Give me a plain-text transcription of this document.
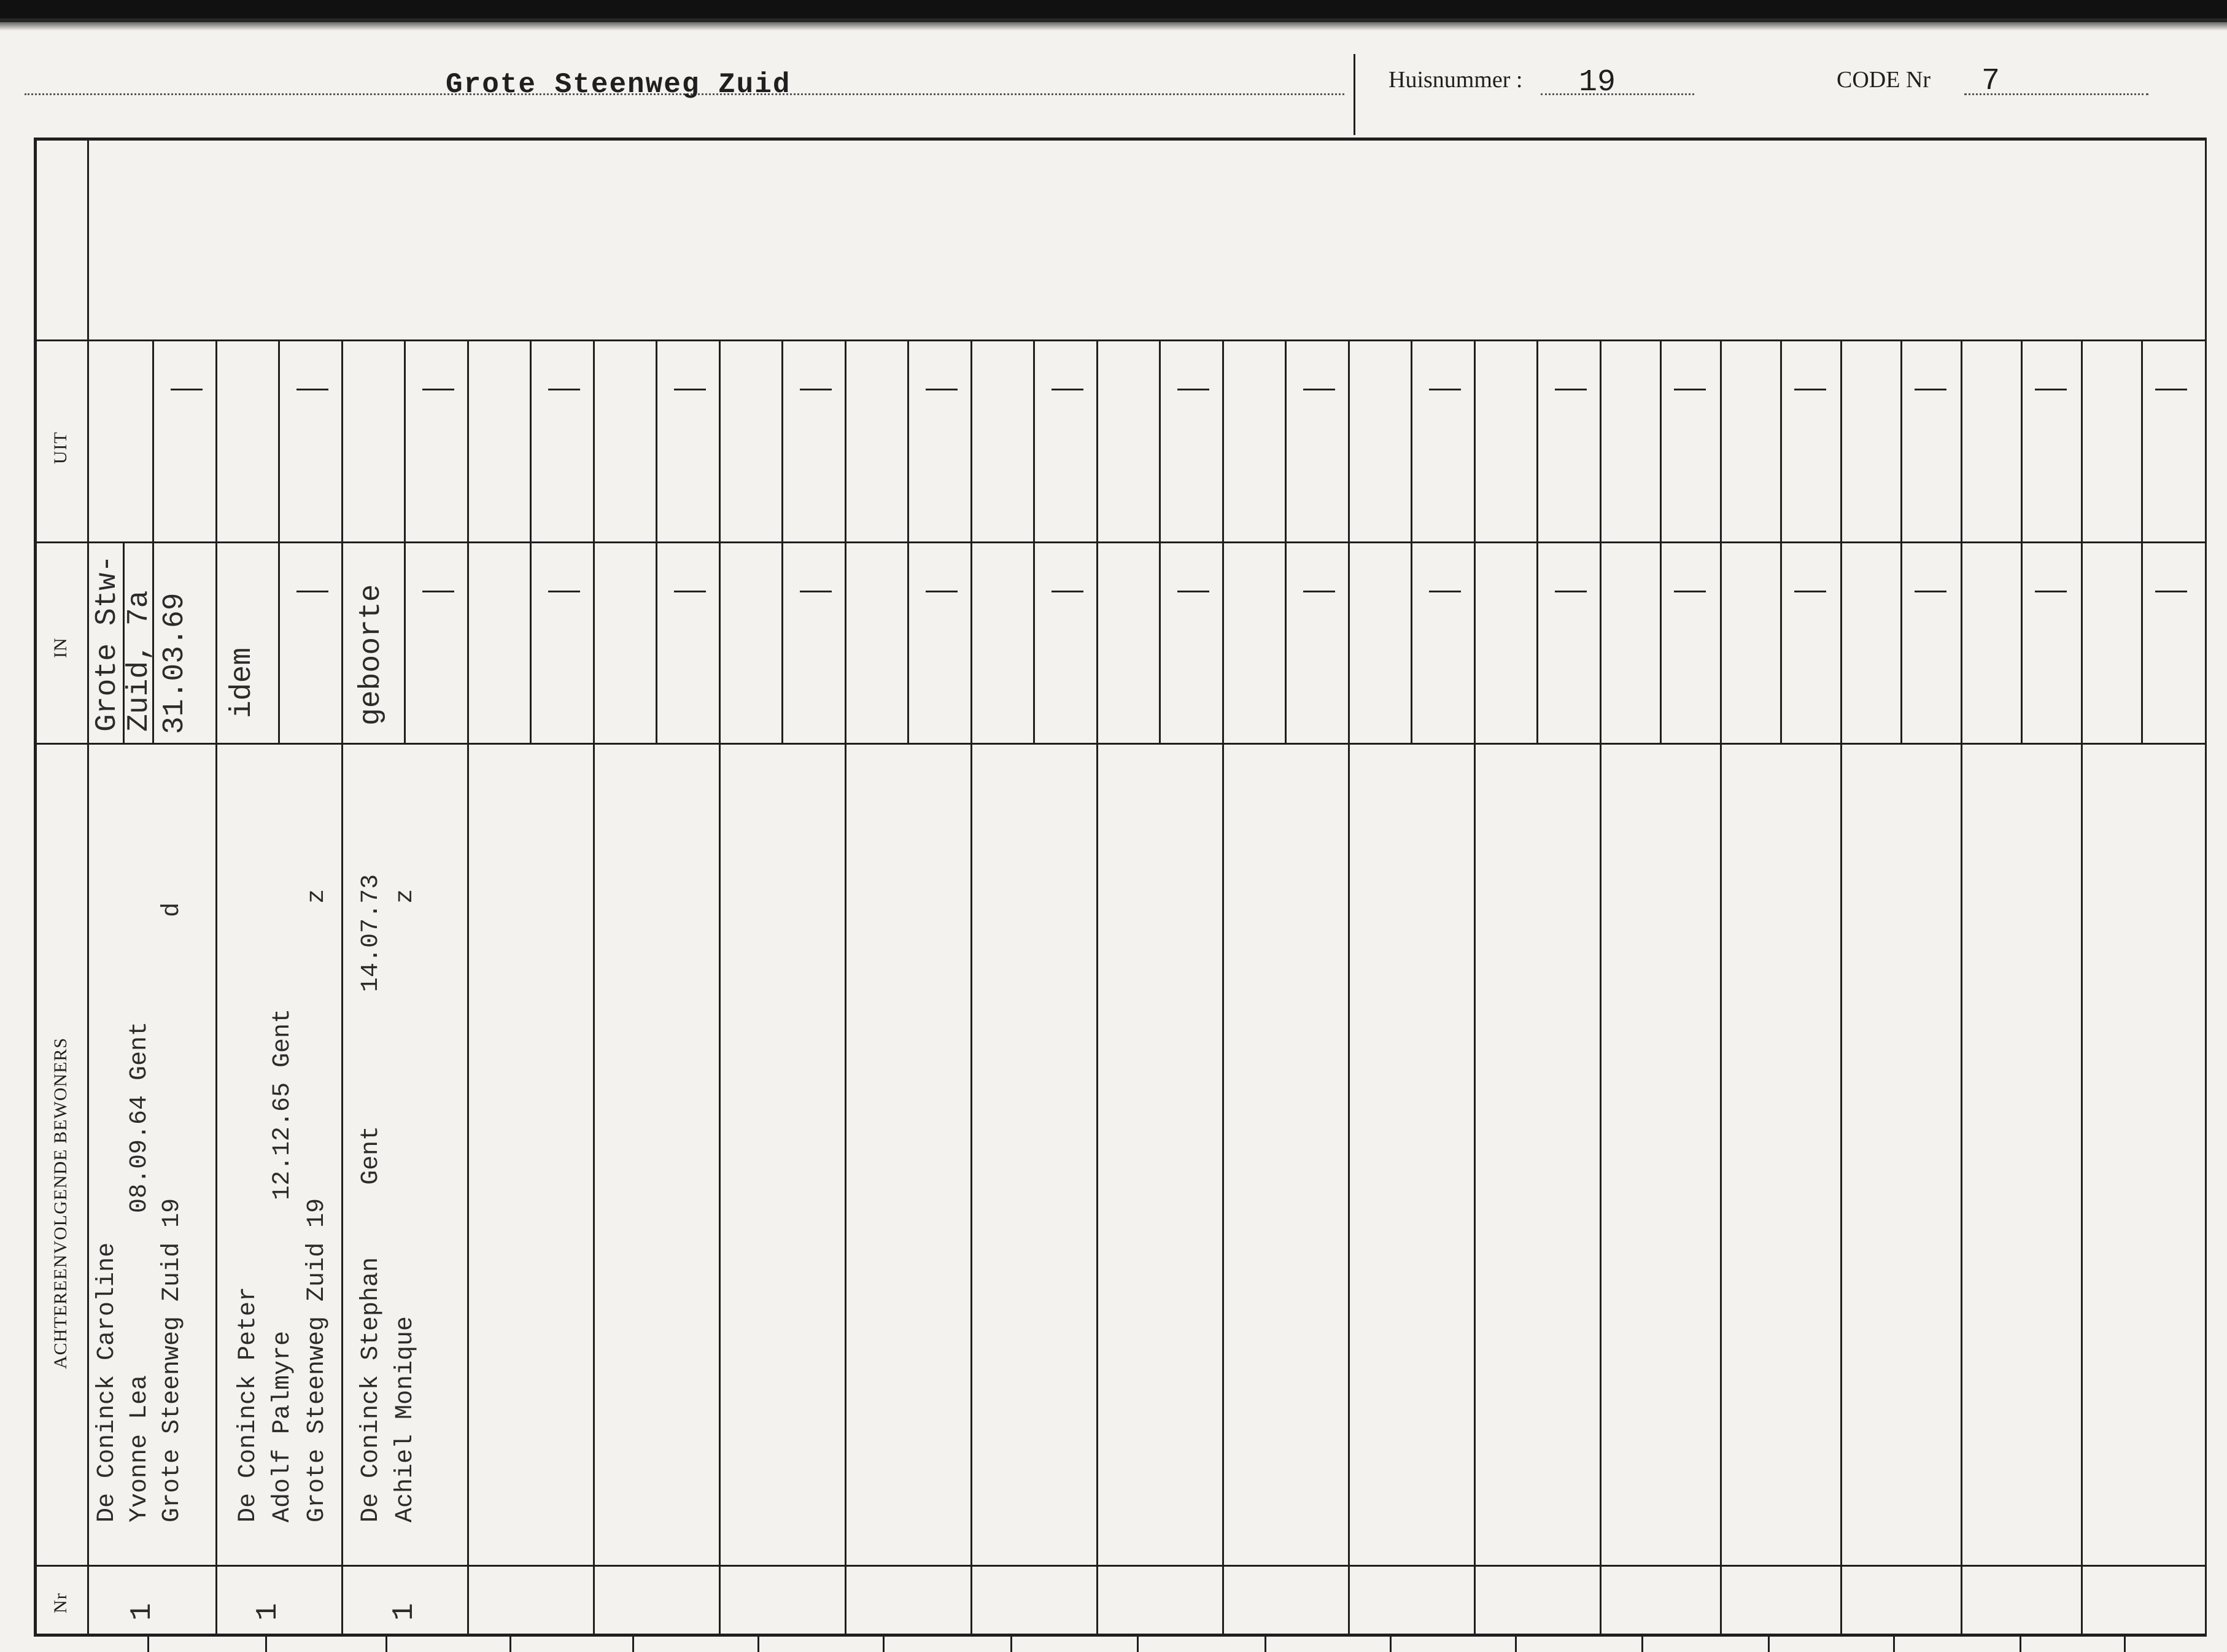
Grote Steenweg Zuid	Huisnummer : 19	CODE Nr 7
UIT
IN
ACHTEREENVOLGENDE BEWONERS
Nr
De Coninck Caroline Yvonne Lea Grote Steenweg Zuid 19
08.09.64 Gent
d
Grote Stw-
Zuid, 7a 31.03.69
1
De Coninck Peter Adolf Palmyre Grote Steenweg Zuid 19
12.12.65 Gent
z
idem
1
De Coninck Stephan Achiel Monique
Gent
14.07.73 z
geboorte
1
